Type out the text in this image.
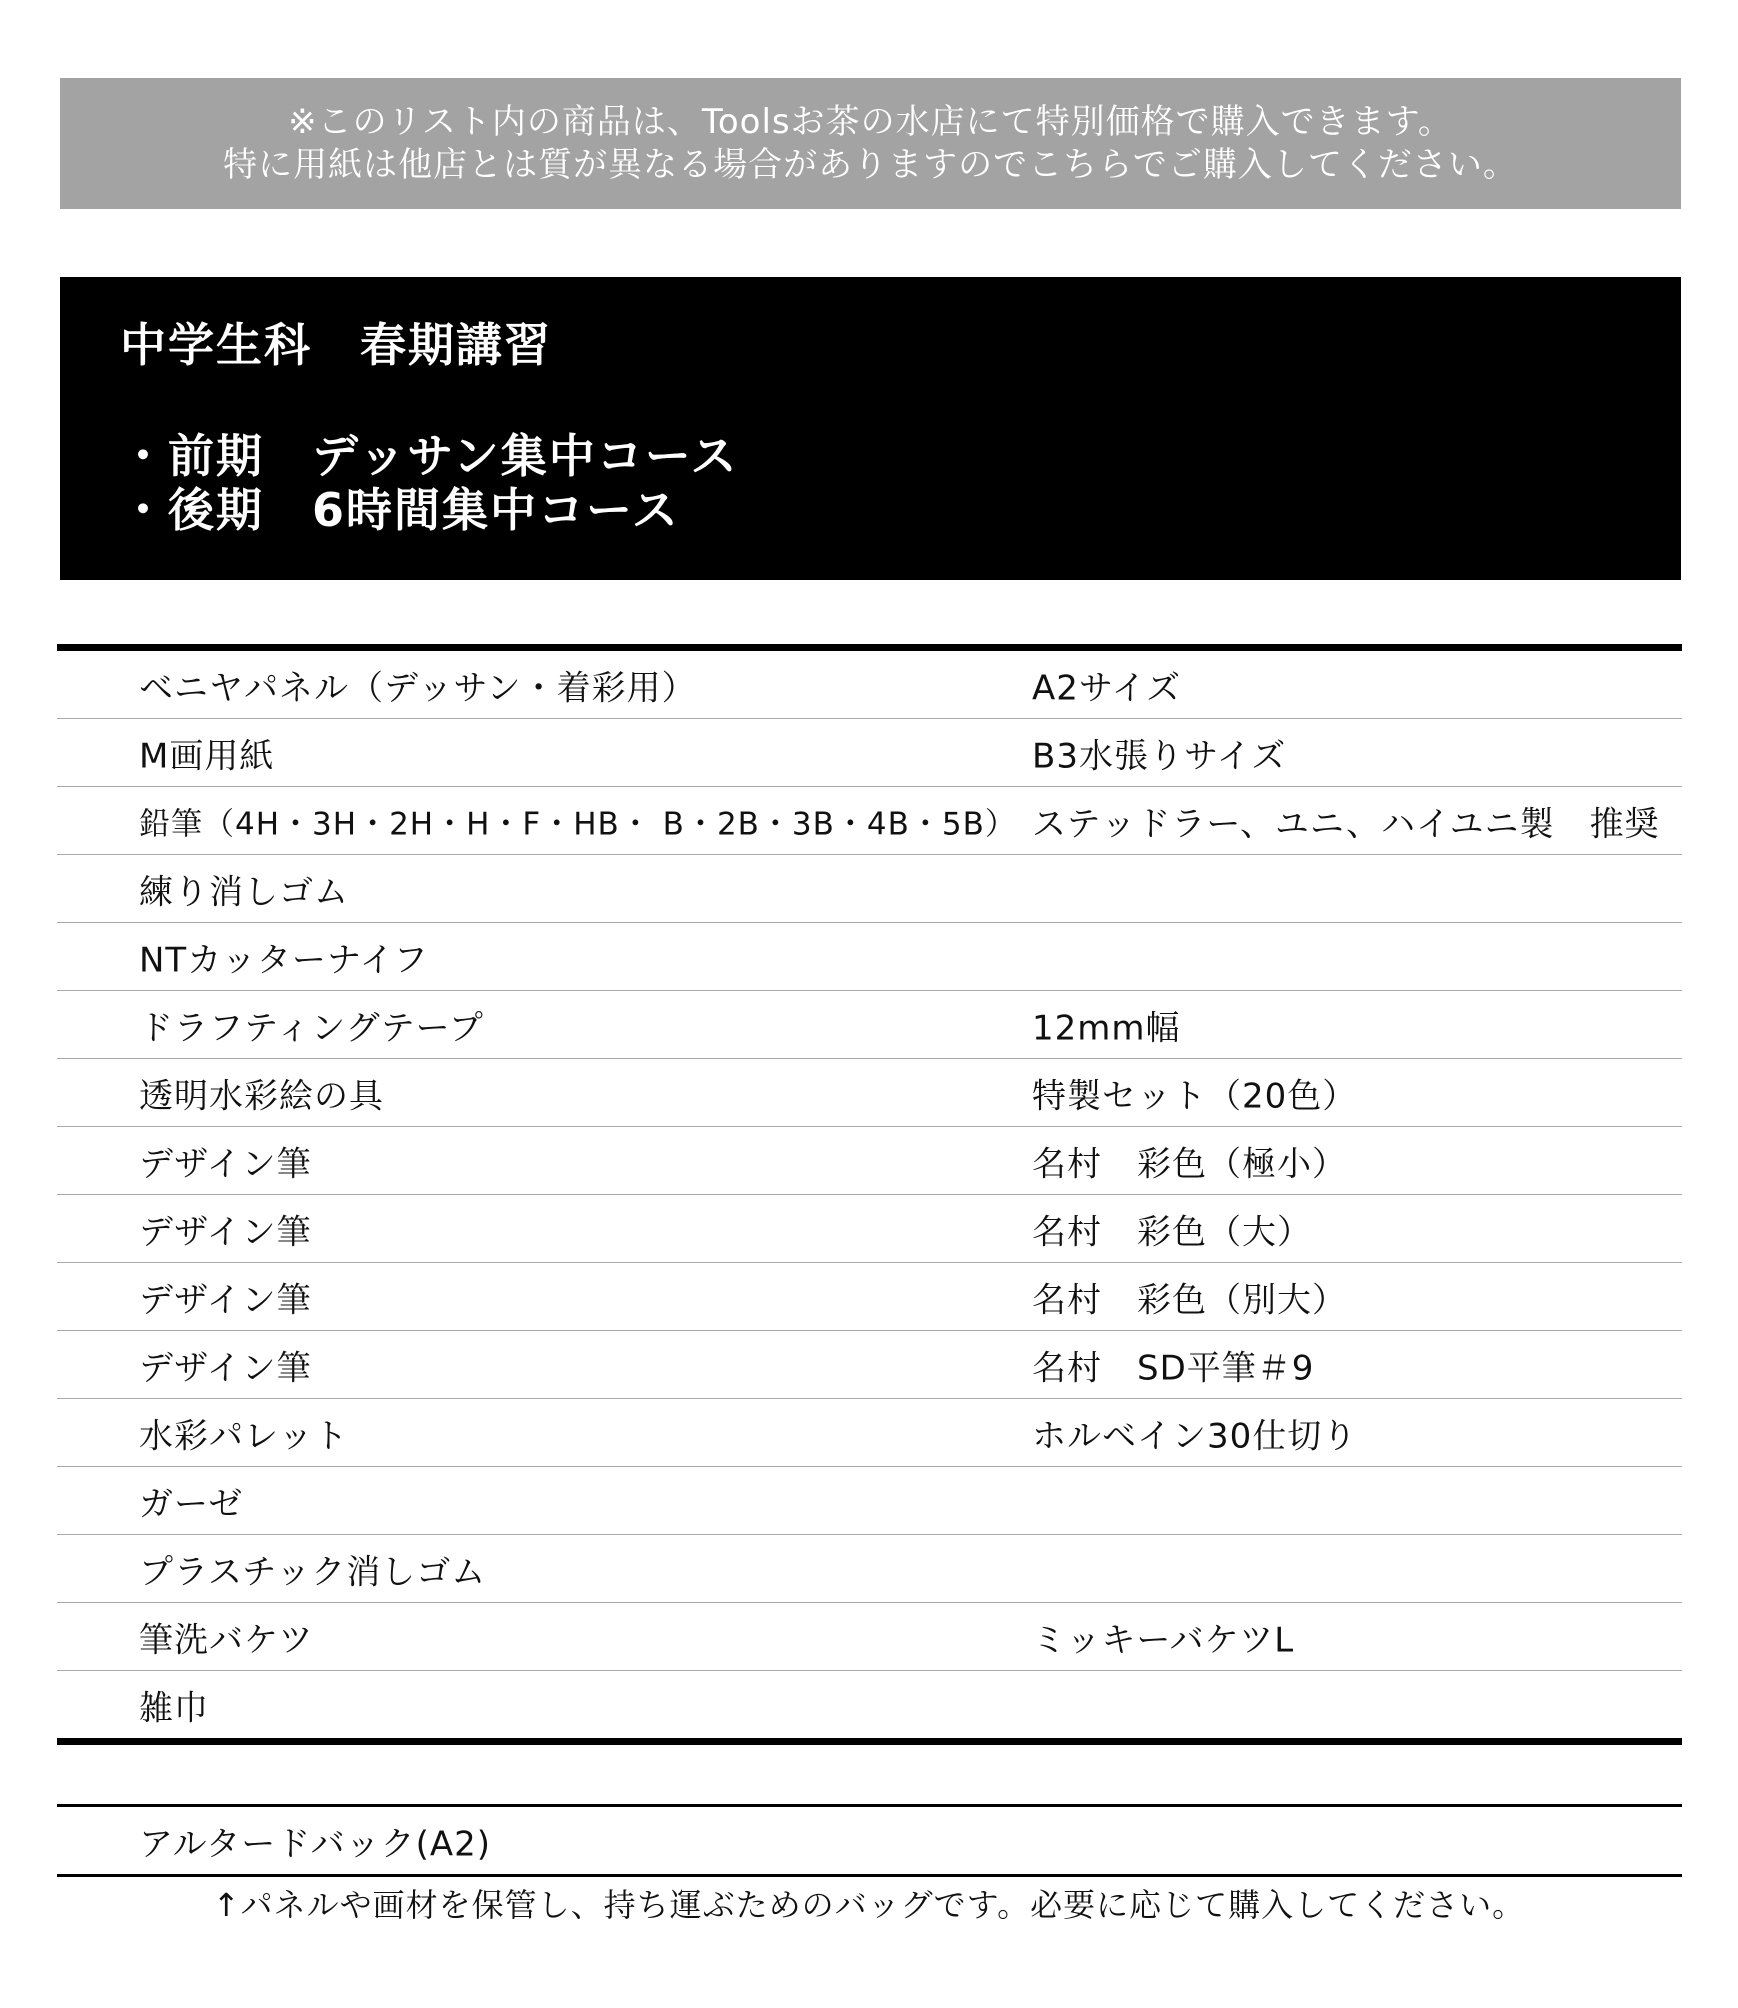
※このリスト内の商品は、Toolsお茶の水店にて特別価格で購入できます。
特に用紙は他店とは質が異なる場合がありますのでこちらでご購入してください。
中学生科　春期講習
・前期　デッサン集中コース
・後期　6時間集中コース
ベニヤパネル（デッサン・着彩用）	A2サイズ
M画用紙	B3水張りサイズ
鉛筆（4H・3H・2H・H・F・HB・ B・2B・3B・4B・5B） ステッドラー、ユニ、ハイユニ製　推奨
練り消しゴム
NTカッターナイフ
ドラフティングテープ	12mm幅
透明水彩絵の具	特製セット（20色）
デザイン筆	名村　彩色（極小）
デザイン筆	名村　彩色（大）
デザイン筆	名村　彩色（別大）
デザイン筆	名村　SD平筆＃9
水彩パレット	ホルベイン30仕切り
ガーゼ
プラスチック消しゴム
筆洗バケツ	ミッキーバケツL
雑巾
アルタードバック(A2)
↑パネルや画材を保管し、持ち運ぶためのバッグです。必要に応じて購入してください。
